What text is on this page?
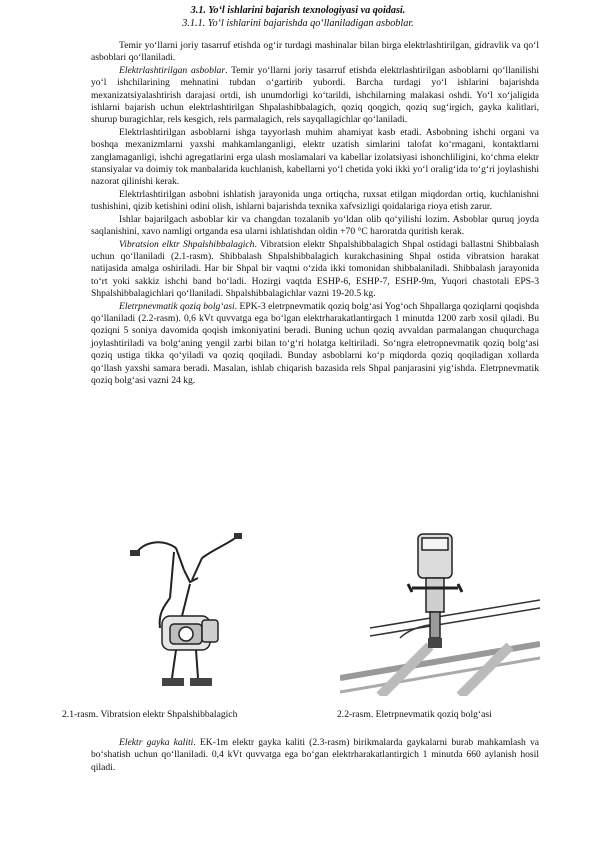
3.1. Yo‘l ishlarini bajarish texnologiyasi va qoidasi.
3.1.1. Yo‘l ishlarini bajarishda qo‘llaniladigan asboblar.

Temir yo‘llarni joriy tasarruf etishda og‘ir turdagi mashinalar bilan birga elektrlashtirilgan, gidravlik va qo‘l asboblari qo‘llaniladi.

Elektrlashtirilgan asboblar. Temir yo‘llarni joriy tasarruf etishda elektrlashtirilgan asboblarni qo‘llanilishi yo‘l ishchilarining mehnatini tubdan o‘gartirib yubordi. Barcha turdagi yo‘l ishlarini bajarishda mexanizatsiyalashtirish darajasi ortdi, ish unumdorligi ko‘tarildi, ishchilarning malakasi oshdi. Yo‘l xo‘jaligida ishlarni bajarish uchun elektrlashtirilgan Shpalashibbalagich, qoziq qoqgich, qoziq sug‘irgich, gayka kalitlari, shurup buragichlar, rels kesgich, rels parmalagich, rels sayqallagichlar qo‘laniladi.

Elektrlashtirilgan asboblarni ishga tayyorlash muhim ahamiyat kasb etadi. Asbobning ishchi organi va boshqa mexanizmlarni yaxshi mahkamlanganligi, elektr uzatish simlarini talofat ko‘rmagani, kontaktlarni zanglamaganligi, ishchi agregatlarini erga ulash moslamalari va kabellar izolatsiyasi ishonchliligini, ko‘chma elektr stansiyalar va doimiy tok manbalarida kuchlanish, kabellarni yo‘l chetida yoki ikki yo‘l oralig‘ida to‘g‘ri joylashishi nazorat qilinishi kerak.

Elektrlashtirilgan asbobni ishlatish jarayonida unga ortiqcha, ruxsat etilgan miqdordan ortiq, kuchlanishni tushishini, qizib ketishini odini olish, ishlarni bajarishda texnika xafvsizligi qoidalariga rioya etish zarur.

Ishlar bajarilgach asboblar kir va changdan tozalanib yo‘ldan olib qo‘yilishi lozim. Asboblar quruq joyda saqlanishini, xavo namligi ortganda esa ularni ishlatishdan oldin +70 °C haroratda quritish kerak.

Vibratsion elktr Shpalshibbalagich. Vibratsion elektr Shpalshibbalagich Shpal ostidagi ballastni Shibbalash uchun qo‘llaniladi (2.1-rasm). Shibbalash Shpalshibbalagich kurakchasining Shpal ostida vibratsion harakat natijasida amalga oshiriladi. Har bir Shpal bir vaqtni o‘zida ikki tomonidan shibbalaniladi. Shibbalash jarayonida to‘rt yoki sakkiz ishchi band bo‘ladi. Hozirgi vaqtda ESHP-6, ESHP-7, ESHP-9m, Yuqori chastotali EPS-3 Shpalshibbalagichlari qo‘llaniladi. Shpalshibbalagichlar vazni 19-20.5 kg.

Eletrpnevmatik qoziq bolg‘asi. EPK-3 eletrpnevmatik qoziq bolg‘asi Yog‘och Shpallarga qoziqlarni qoqishda qo‘llaniladi (2.2-rasm). 0,6 kVt quvvatga ega bo‘lgan elektrharakatlantirgach 1 minutda 1200 zarb xosil qiladi. Bu qoziqni 5 soniya davomida qoqish imkoniyatini beradi. Buning uchun qoziq avvaldan parmalangan chuqurchaga joylashtiriladi va bolg‘aning yengil zarbi bilan to‘g‘ri holatga keltiriladi. So‘ngra eletropnevmatik qoziq bolg‘asi qoziq ustiga tikka qo‘yiladi va qoziq qoqiladi. Bunday asboblarni ko‘p miqdorda qoziq qoqiladigan xollarda qo‘llash yaxshi samara beradi. Masalan, ishlab chiqarish bazasida rels Shpal panjarasini yig‘ishda. Eletrpnevmatik qoziq bolg‘asi vazni 24 kg.

2.1-rasm. Vibratsion elektr Shpalshibbalagich	2.2-rasm. Eletrpnevmatik qoziq bolg‘asi

Elektr gayka kaliti. EK-1m elektr gayka kaliti (2.3-rasm) birikmalarda gaykalarni burab mahkamlash va bo‘shatish uchun qo‘llaniladi. 0,4 kVt quvvatga ega bo‘gan elektrharakatlantirgich 1 minutda 660 aylanish hosil qiladi.
